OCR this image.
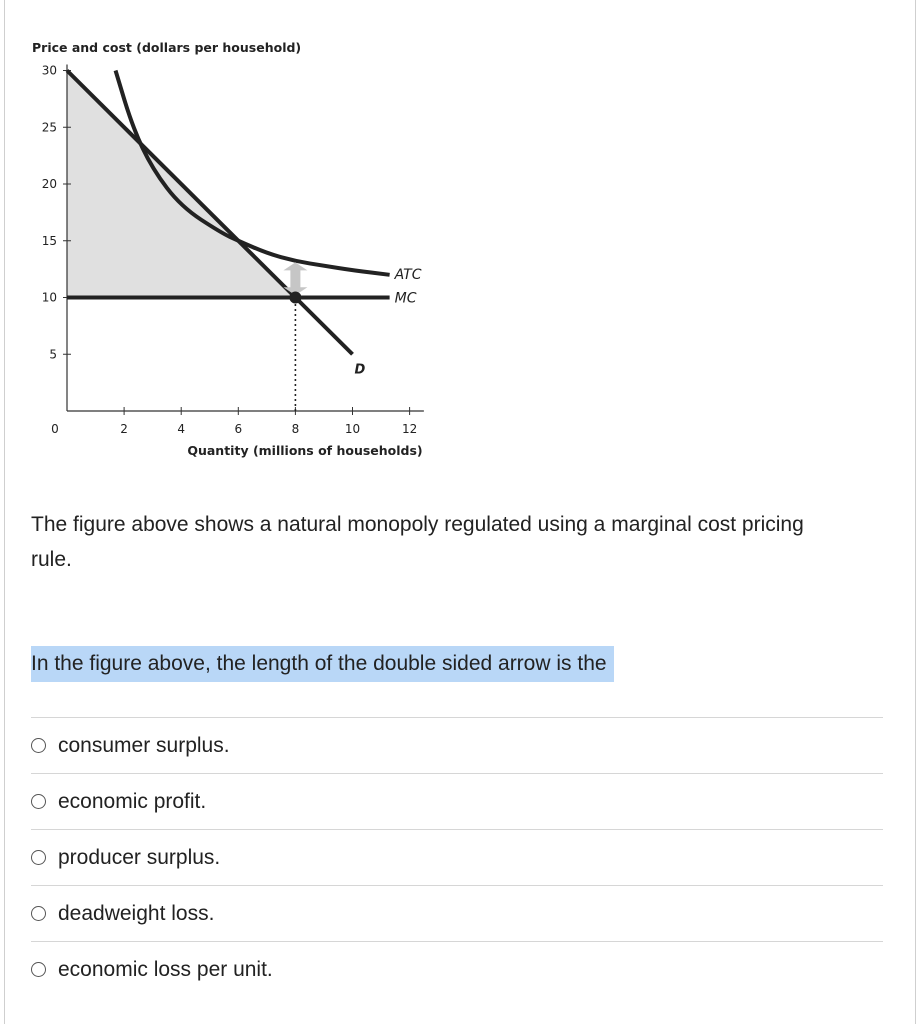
5
10
15
20
25
30
0	2	4	6	8	10	12
ATC
MC
D
Price and cost (dollars per household)
Quantity (millions of households)
The figure above shows a natural monopoly regulated using a marginal cost pricing rule.
In the figure above, the length of the double sided arrow is the
consumer surplus.
economic profit.
producer surplus.
deadweight loss.
economic loss per unit.
